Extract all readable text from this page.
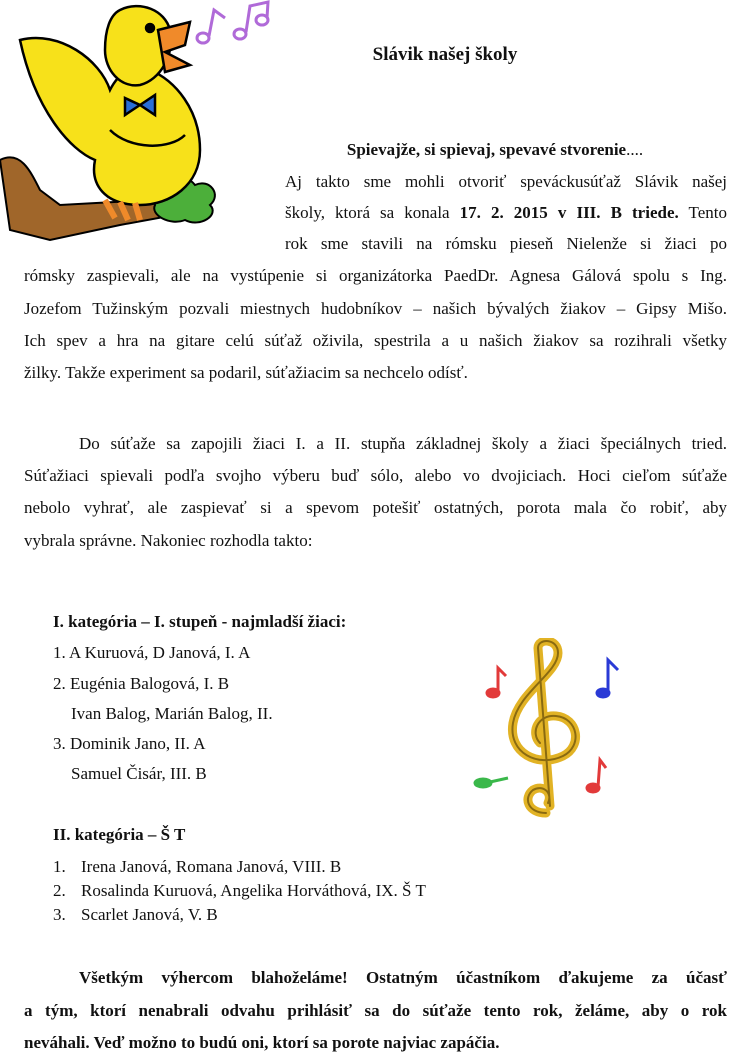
Slávik našej školy
Spievajže, si spievaj, spevavé stvorenie....
Aj takto sme mohli otvoriť speváckusúťaž Slávik našej
školy, ktorá sa konala 17. 2. 2015 v III. B triede. Tento
rok sme stavili na rómsku pieseň Nielenže si žiaci po
rómsky zaspievali, ale na vystúpenie si organizátorka PaedDr. Agnesa Gálová spolu s Ing.
Jozefom Tužinským pozvali miestnych hudobníkov – našich bývalých žiakov – Gipsy Mišo.
Ich spev a hra na gitare celú súťaž oživila, spestrila a u našich žiakov sa rozihrali všetky
žilky. Takže experiment sa podaril, súťažiacim sa nechcelo odísť.
Do súťaže sa zapojili žiaci I. a II. stupňa základnej školy a žiaci špeciálnych tried.
Súťažiaci spievali podľa svojho výberu buď sólo, alebo vo dvojiciach. Hoci cieľom súťaže
nebolo vyhrať, ale zaspievať si a spevom potešiť ostatných, porota mala čo robiť, aby
vybrala správne. Nakoniec rozhodla takto:
I. kategória – I. stupeň - najmladší žiaci:
1. A Kuruová, D Janová, I. A
2. Eugénia Balogová, I. B
Ivan Balog, Marián Balog, II.
3. Dominik Jano, II. A
Samuel Čisár, III. B
II. kategória – Š T
1. Irena Janová, Romana Janová, VIII. B
2. Rosalinda Kuruová, Angelika Horváthová, IX. Š T
3. Scarlet Janová, V. B
Všetkým výhercom blahoželáme! Ostatným účastníkom ďakujeme za účasť
a tým, ktorí nenabrali odvahu prihlásiť sa do súťaže tento rok, želáme, aby o rok
neváhali. Veď možno to budú oni, ktorí sa porote najviac zapáčia.
